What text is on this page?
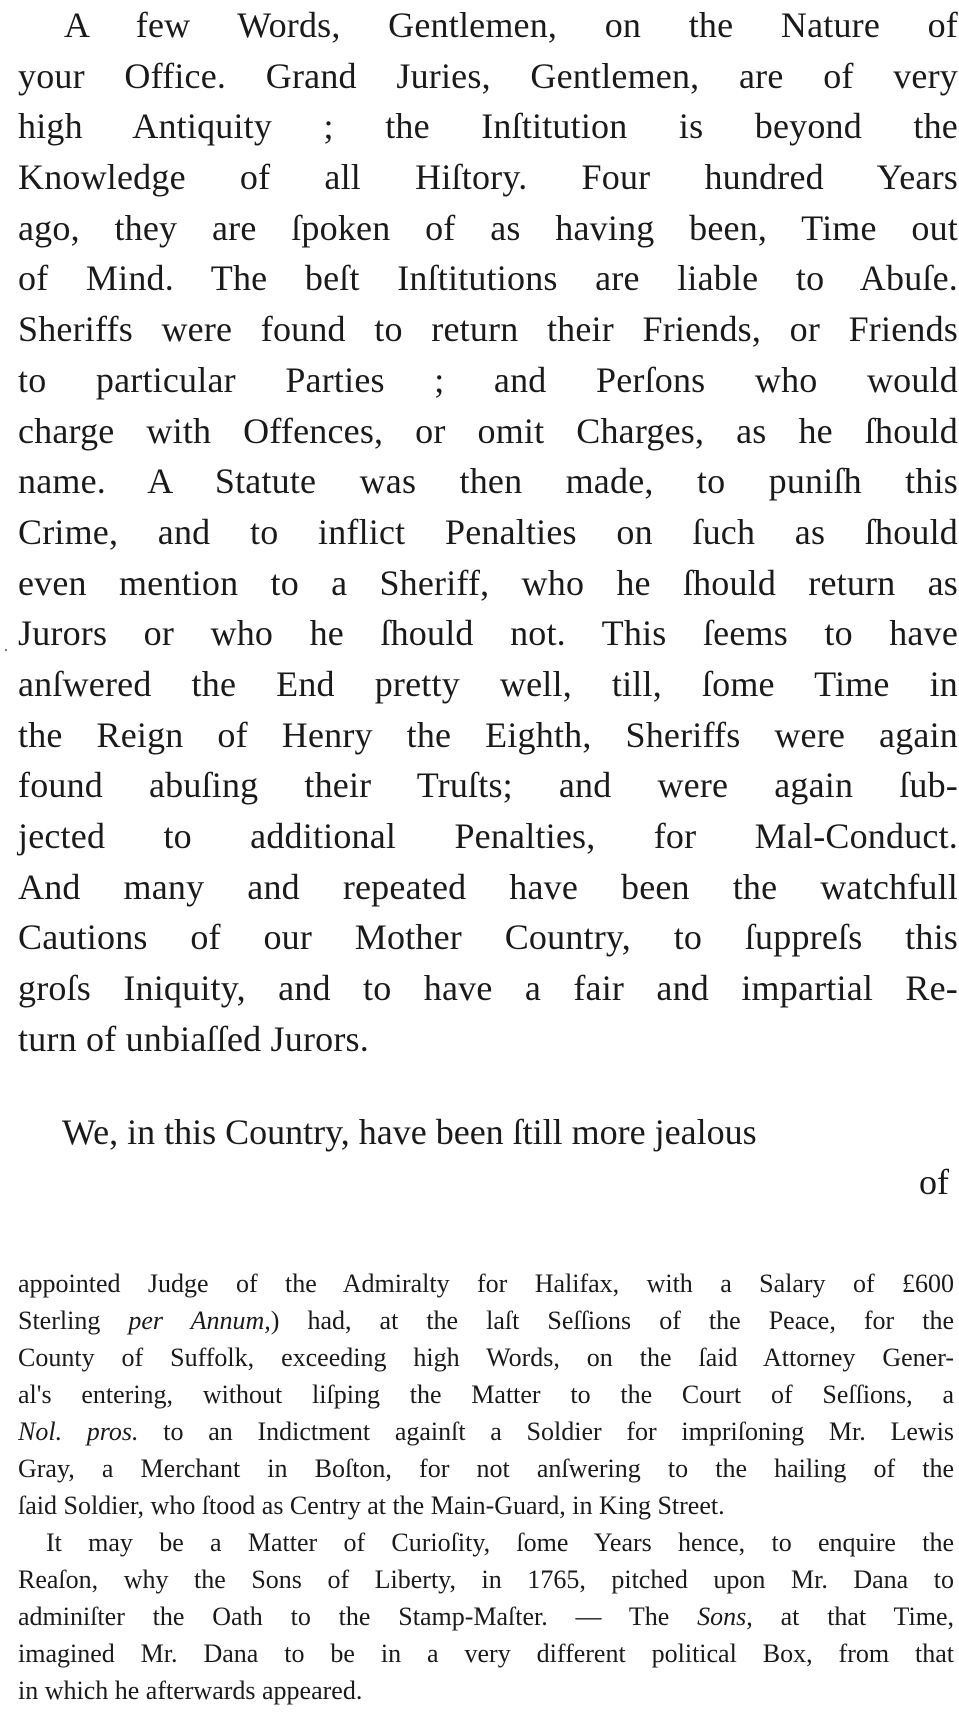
.
A few Words, Gentlemen, on the Nature of
your Office. Grand Juries, Gentlemen, are of very
high Antiquity ; the Inſtitution is beyond the
Knowledge of all Hiſtory. Four hundred Years
ago, they are ſpoken of as having been, Time out
of Mind. The beſt Inſtitutions are liable to Abuſe.
Sheriffs were found to return their Friends, or Friends
to particular Parties ; and Perſons who would
charge with Offences, or omit Charges, as he ſhould
name. A Statute was then made, to puniſh this
Crime, and to inflict Penalties on ſuch as ſhould
even mention to a Sheriff, who he ſhould return as
Jurors or who he ſhould not. This ſeems to have
anſwered the End pretty well, till, ſome Time in
the Reign of Henry the Eighth, Sheriffs were again
found abuſing their Truſts; and were again ſub-
jected to additional Penalties, for Mal-Conduct.
And many and repeated have been the watchfull
Cautions of our Mother Country, to ſuppreſs this
groſs Iniquity, and to have a fair and impartial Re-
turn of unbiaſſed Jurors.
We, in this Country, have been ſtill more jealous
of
appointed Judge of the Admiralty for Halifax, with a Salary of £600
Sterling per Annum,) had, at the laſt Seſſions of the Peace, for the
County of Suffolk, exceeding high Words, on the ſaid Attorney Gener-
al's entering, without liſping the Matter to the Court of Seſſions, a
Nol. pros. to an Indictment againſt a Soldier for impriſoning Mr. Lewis
Gray, a Merchant in Boſton, for not anſwering to the hailing of the
ſaid Soldier, who ſtood as Centry at the Main-Guard, in King Street.
It may be a Matter of Curioſity, ſome Years hence, to enquire the
Reaſon, why the Sons of Liberty, in 1765, pitched upon Mr. Dana to
adminiſter the Oath to the Stamp-Maſter. — The Sons, at that Time,
imagined Mr. Dana to be in a very different political Box, from that
in which he afterwards appeared.
